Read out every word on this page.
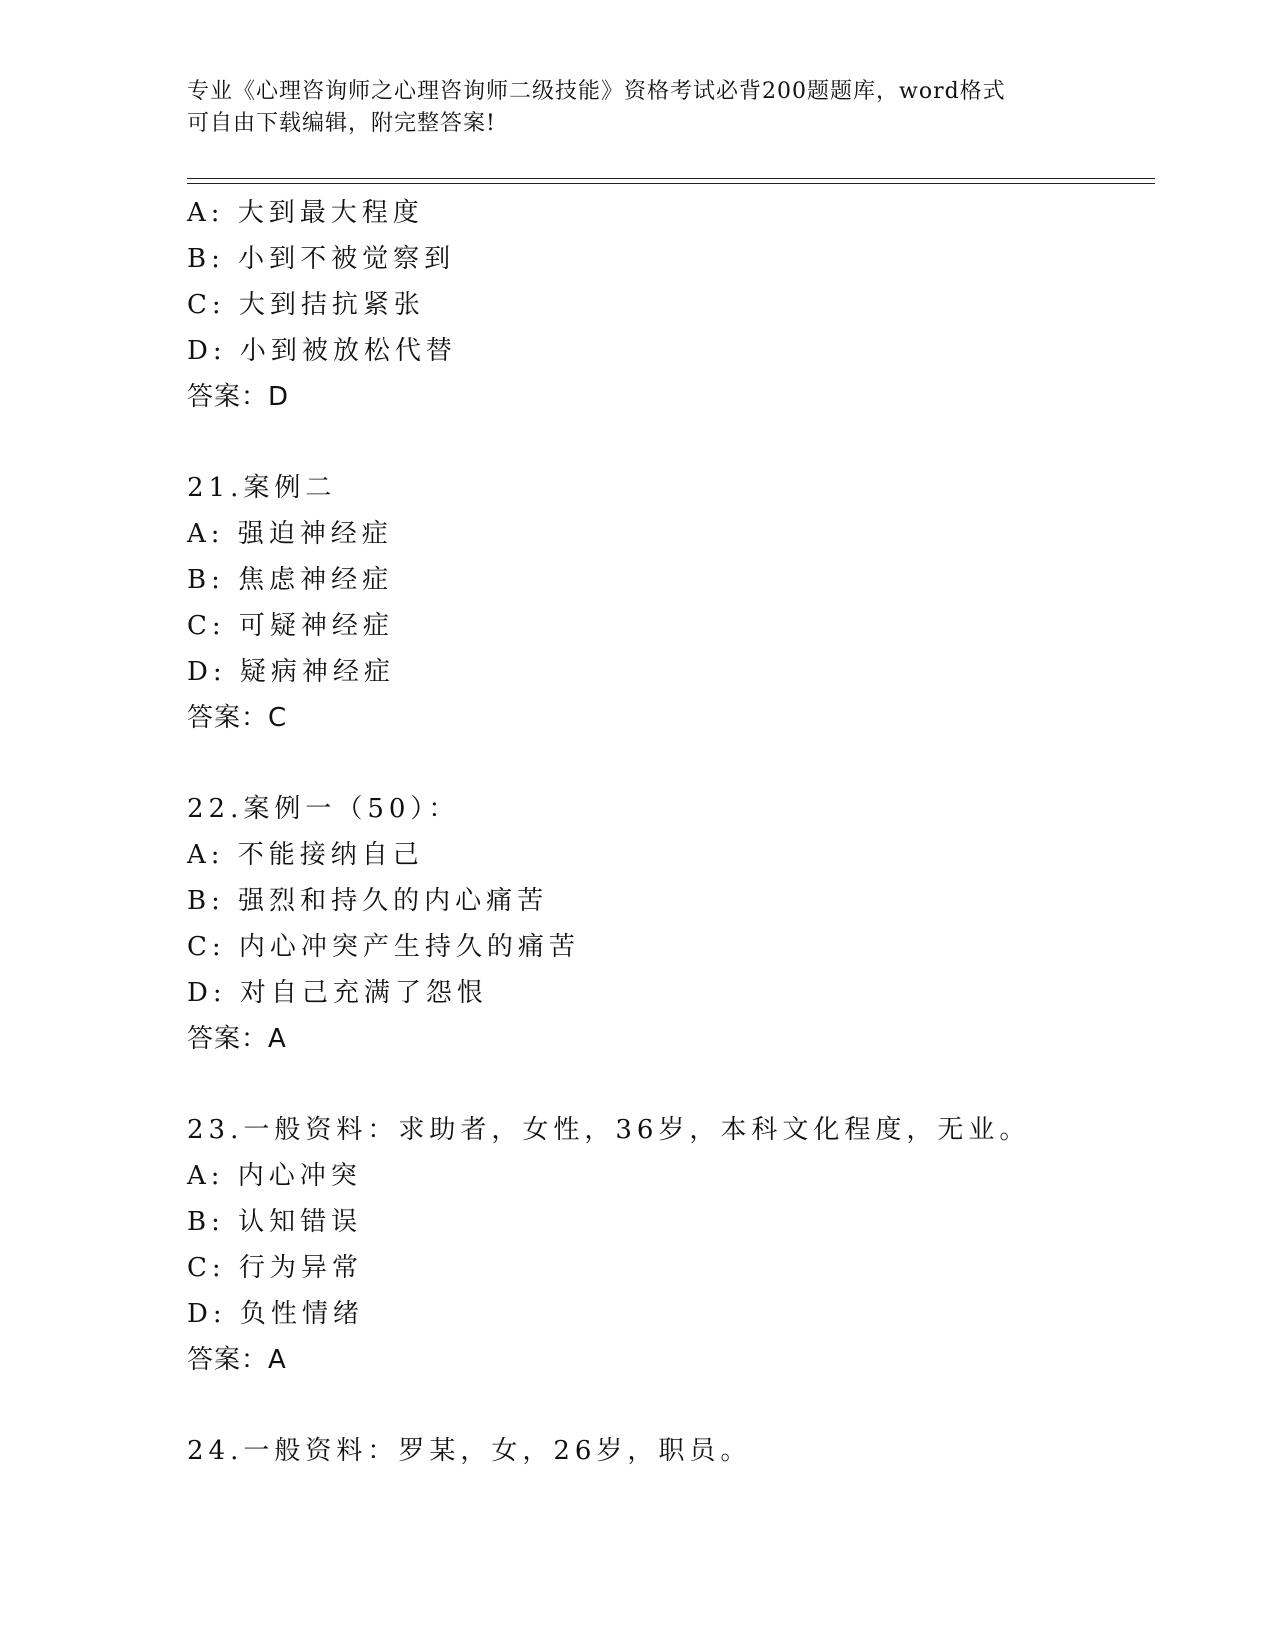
专业《心理咨询师之心理咨询师二级技能》资格考试必背200题题库，word格式
可自由下载编辑，附完整答案!
A: 大到最大程度
B: 小到不被觉察到
C: 大到拮抗紧张
D: 小到被放松代替
答案：D
21.案例二
A: 强迫神经症
B: 焦虑神经症
C: 可疑神经症
D: 疑病神经症
答案：C
22.案例一（50）：
A: 不能接纳自己
B: 强烈和持久的内心痛苦
C: 内心冲突产生持久的痛苦
D: 对自己充满了怨恨
答案：A
23.一般资料：求助者，女性，36岁，本科文化程度，无业。
A: 内心冲突
B: 认知错误
C: 行为异常
D: 负性情绪
答案：A
24.一般资料：罗某，女，26岁，职员。
